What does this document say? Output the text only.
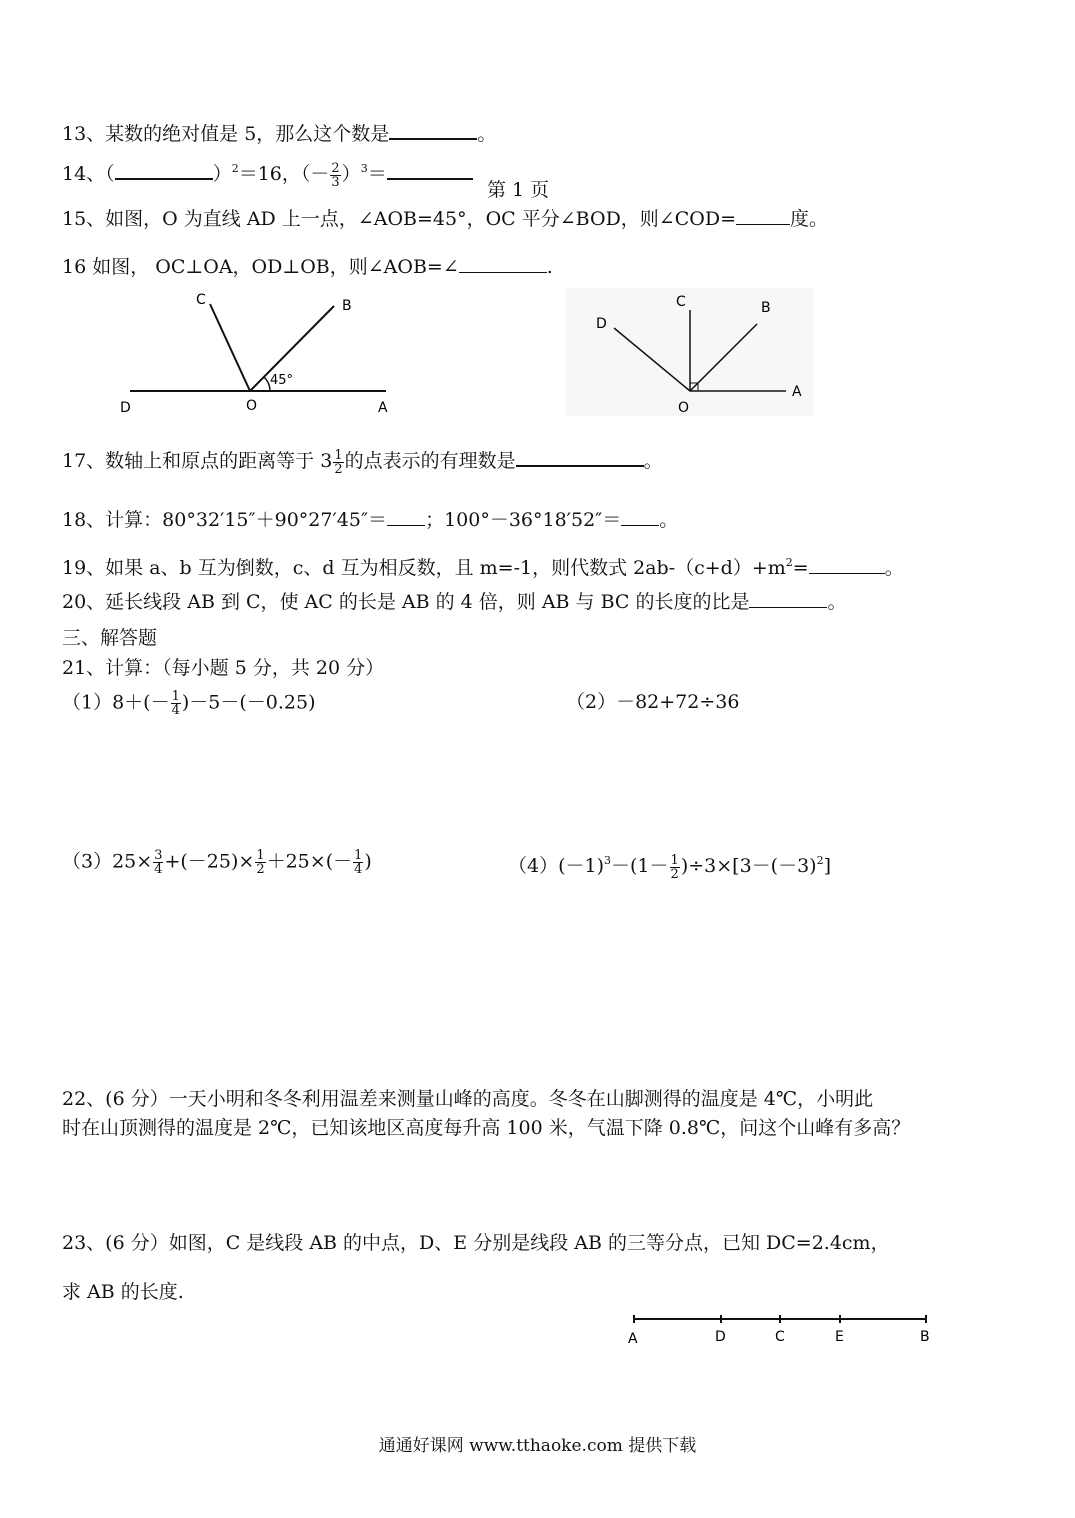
第 1 页
13、某数的绝对值是 5，那么这个数是	。
14、（	）$^2$＝16，（－ $\frac{2}{3} )^3=$
15、如图，O 为直线 AD 上一点，∠AOB=45°，OC 平分∠BOD，则∠COD=	度。
16 如图， OC⊥OA，OD⊥OB，则∠AOB=∠	.
C	B
D	O	A
45°
C	B
D
O
A
17、数轴上和原点的距离等于 $3 \frac{1}{2}$ 的点表示的有理数是	。
18、计算：80°32′15″＋90°27′45″＝ ；100°－36°18′52″＝ 。
19、如果 a、b 互为倒数，c、d 互为相反数，且 m=-1，则代数式 $2ab-(c+d)+m^2=$	。
20、延长线段 AB 到 C，使 AC 的长是 AB 的 4 倍，则 AB 与 BC 的长度的比是	。
三、解答题
21、计算：（每小题 5 分，共 20 分）
$(1)8+(- \frac{1}{4} )-5-(-0.25)$	（2）－82+72÷36
$(3)25\times \frac{3}{4} +(-25)\times \frac{1}{2} +25\times(- \frac{1}{4}$ )	$(4)(-1)^3-(1- \frac{1}{2} )\div 3\times[3-(-3)^2]$
22、(6 分）一天小明和冬冬利用温差来测量山峰的高度。冬冬在山脚测得的温度是 4℃，小明此
时在山顶测得的温度是 2℃，已知该地区高度每升高 100 米，气温下降 0.8℃，问这个山峰有多高？
23、(6 分）如图，C 是线段 AB 的中点，D、E 分别是线段 AB 的三等分点，已知 DC=2.4cm，
求 AB 的长度.
A	D	C	E	B
通通好课网 www.tthaoke.com 提供下载
